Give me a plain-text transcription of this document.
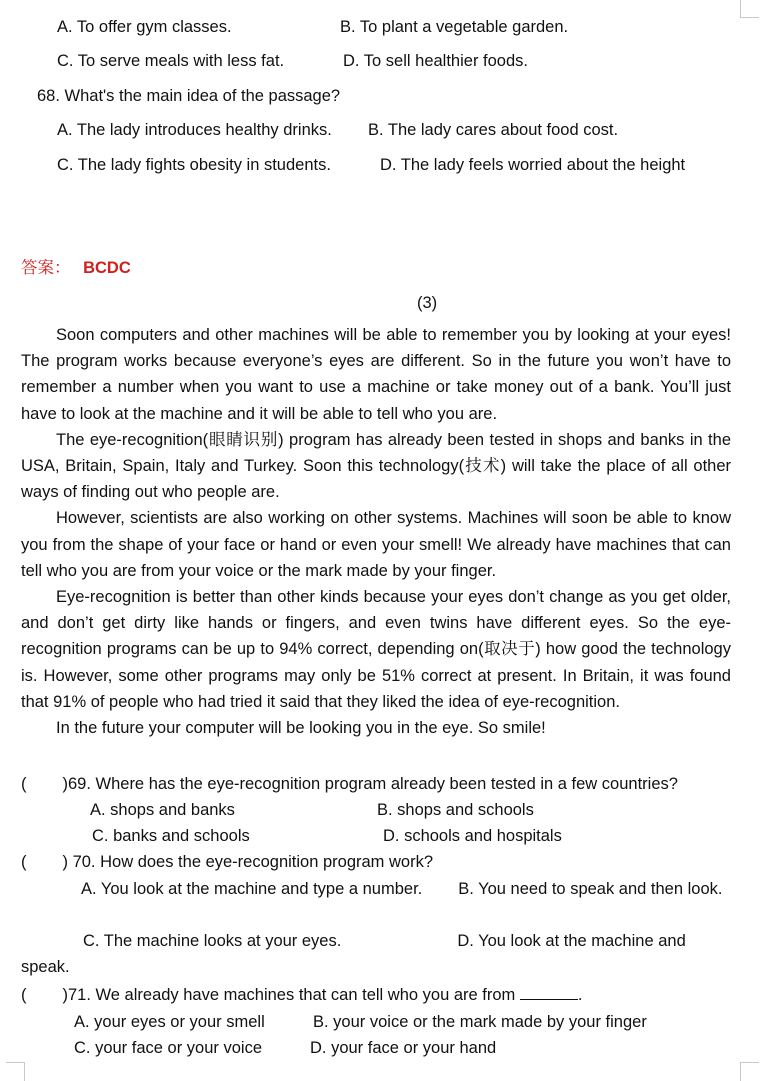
A. To offer gym classes.	B. To plant a vegetable garden.
C. To serve meals with less fat.	D. To sell healthier foods.
68. What's the main idea of the passage?
A. The lady introduces healthy drinks. B. The lady cares about food cost.
C. The lady fights obesity in students.	D. The lady feels worried about the height
答案： BCDC
(3)

Soon computers and other machines will be able to remember you by looking at your eyes! The program works because everyone’s eyes are different. So in the future you won’t have to remember a number when you want to use a machine or take money out of a bank. You’ll just have to look at the machine and it will be able to tell who you are.

The eye-recognition(眼睛识别) program has already been tested in shops and banks in the USA, Britain, Spain, Italy and Turkey. Soon this technology(技术) will take the place of all other ways of finding out who people are.

However, scientists are also working on other systems. Machines will soon be able to know you from the shape of your face or hand or even your smell! We already have machines that can tell who you are from your voice or the mark made by your finger.

Eye-recognition is better than other kinds because your eyes don’t change as you get older, and don’t get dirty like hands or fingers, and even twins have different eyes. So the eye-recognition programs can be up to 94% correct, depending on(取决于) how good the technology is. However, some other programs may only be 51% correct at present. In Britain, it was found that 91% of people who had tried it said that they liked the idea of eye-recognition.

In the future your computer will be looking you in the eye. So smile!

( )69. Where has the eye-recognition program already been tested in a few countries?
A. shops and banks	B. shops and schools
C. banks and schools	D. schools and hospitals
( ) 70. How does the eye-recognition program work?
A. You look at the machine and type a number. B. You need to speak and then look.
C. The machine looks at your eyes.	D. You look at the machine and speak.
( )71. We already have machines that can tell who you are from	.
A. your eyes or your smell	B. your voice or the mark made by your finger
C. your face or your voice	D. your face or your hand
